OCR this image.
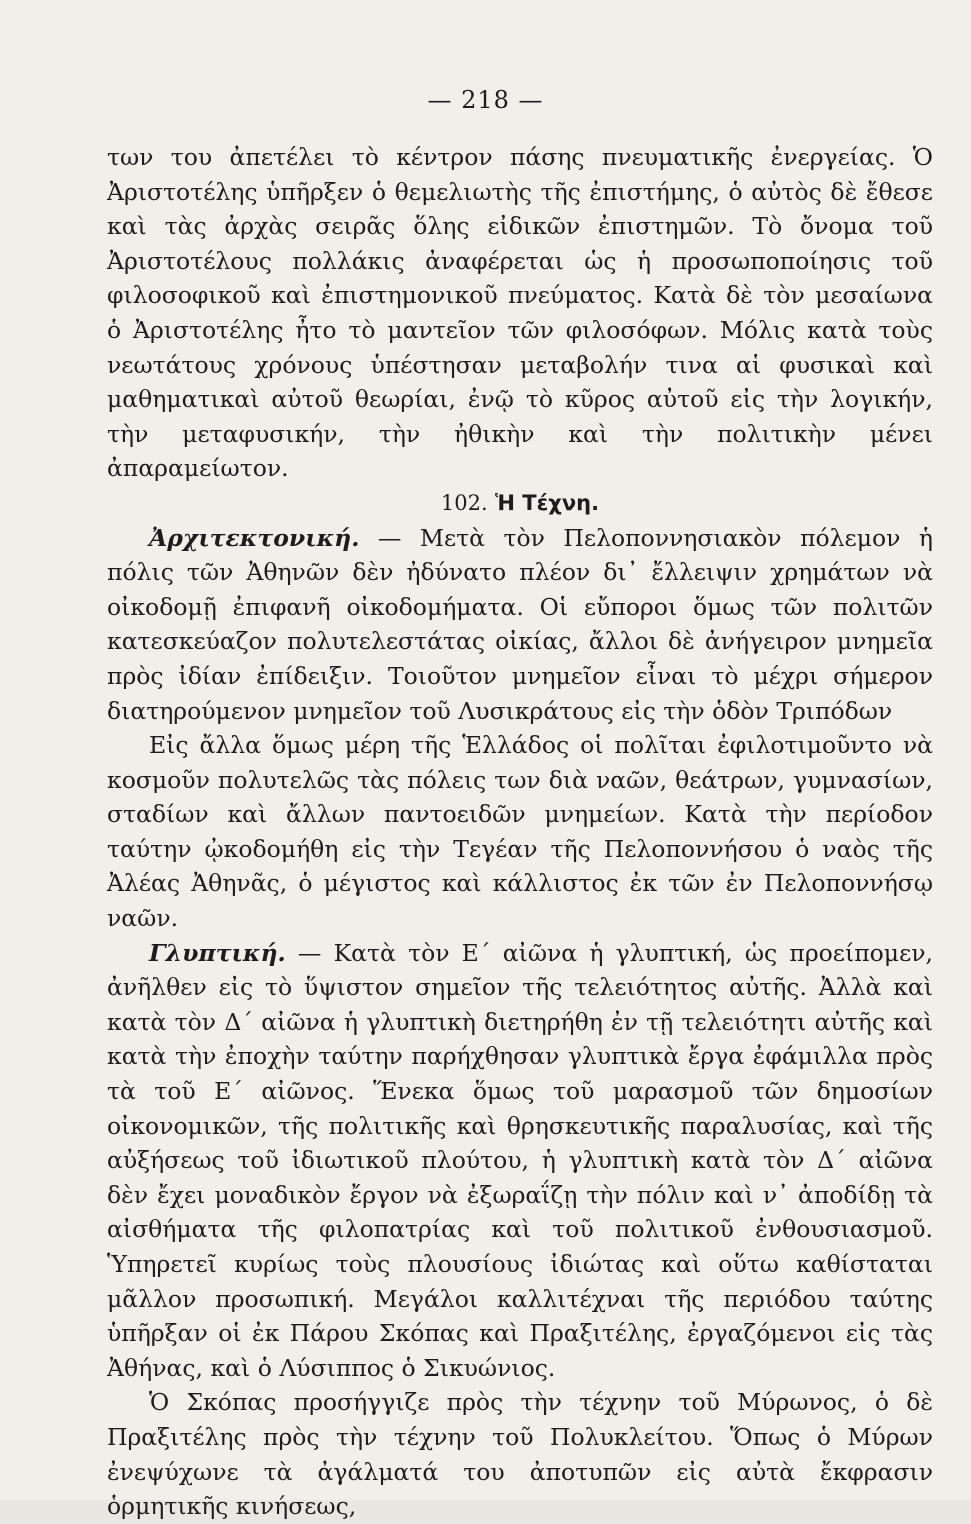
— 218 —

των του ἀπετέλει τὸ κέντρον πάσης πνευματικῆς ἐνεργείας. Ὁ Ἀριστοτέλης ὑπῆρξεν ὁ θεμελιωτὴς τῆς ἐπιστήμης, ὁ αὐτὸς δὲ ἔθεσε καὶ τὰς ἀρχὰς σειρᾶς ὅλης εἰδικῶν ἐπιστημῶν. Τὸ ὄνομα τοῦ Ἀριστοτέλους πολλάκις ἀναφέρεται ὡς ἡ προσωποποίησις τοῦ φιλοσοφικοῦ καὶ ἐπιστημονικοῦ πνεύματος. Κατὰ δὲ τὸν μεσαίωνα ὁ Ἀριστοτέλης ἦτο τὸ μαντεῖον τῶν φιλοσόφων. Μόλις κατὰ τοὺς νεωτάτους χρόνους ὑπέστησαν μεταβολήν τινα αἱ φυσικαὶ καὶ μαθηματικαὶ αὐτοῦ θεωρίαι, ἐνῷ τὸ κῦρος αὐτοῦ εἰς τὴν λογικήν, τὴν μεταφυσικήν, τὴν ἠθικὴν καὶ τὴν πολιτικὴν μένει ἀπαραμείωτον.

102. Ἡ Τέχνη.

Ἀρχιτεκτονική. — Μετὰ τὸν Πελοποννησιακὸν πόλεμον ἡ πόλις τῶν Ἀθηνῶν δὲν ἠδύνατο πλέον δι᾿ ἔλλειψιν χρημάτων νὰ οἰκοδομῇ ἐπιφανῆ οἰκοδομήματα. Οἱ εὔποροι ὅμως τῶν πολιτῶν κατεσκεύαζον πολυτελεστάτας οἰκίας, ἄλλοι δὲ ἀνήγειρον μνημεῖα πρὸς ἰδίαν ἐπίδειξιν. Τοιοῦτον μνημεῖον εἶναι τὸ μέχρι σήμερον διατηρούμενον μνημεῖον τοῦ Λυσικράτους εἰς τὴν ὁδὸν Τριπόδων

Εἰς ἄλλα ὅμως μέρη τῆς Ἑλλάδος οἱ πολῖται ἐφιλοτιμοῦντο νὰ κοσμοῦν πολυτελῶς τὰς πόλεις των διὰ ναῶν, θεάτρων, γυμνασίων, σταδίων καὶ ἄλλων παντοειδῶν μνημείων. Κατὰ τὴν περίοδον ταύτην ᾠκοδομήθη εἰς τὴν Τεγέαν τῆς Πελοποννήσου ὁ ναὸς τῆς Ἀλέας Ἀθηνᾶς, ὁ μέγιστος καὶ κάλλιστος ἐκ τῶν ἐν Πελοποννήσῳ ναῶν.

Γλυπτική. — Κατὰ τὸν Ε΄ αἰῶνα ἡ γλυπτική, ὡς προείπομεν, ἀνῆλθεν εἰς τὸ ὕψιστον σημεῖον τῆς τελειότητος αὐτῆς. Ἀλλὰ καὶ κατὰ τὸν Δ΄ αἰῶνα ἡ γλυπτικὴ διετηρήθη ἐν τῇ τελειότητι αὐτῆς καὶ κατὰ τὴν ἐποχὴν ταύτην παρήχθησαν γλυπτικὰ ἔργα ἐφάμιλλα πρὸς τὰ τοῦ Ε΄ αἰῶνος. Ἕνεκα ὅμως τοῦ μαρασμοῦ τῶν δημοσίων οἰκονομικῶν, τῆς πολιτικῆς καὶ θρησκευτικῆς παραλυσίας, καὶ τῆς αὐξήσεως τοῦ ἰδιωτικοῦ πλούτου, ἡ γλυπτικὴ κατὰ τὸν Δ΄ αἰῶνα δὲν ἔχει μοναδικὸν ἔργον νὰ ἐξωραΐζῃ τὴν πόλιν καὶ ν᾿ ἀποδίδῃ τὰ αἰσθήματα τῆς φιλοπατρίας καὶ τοῦ πολιτικοῦ ἐνθουσιασμοῦ. Ὑπηρετεῖ κυρίως τοὺς πλουσίους ἰδιώτας καὶ οὕτω καθίσταται μᾶλλον προσωπική. Μεγάλοι καλλιτέχναι τῆς περιόδου ταύτης ὑπῆρξαν οἱ ἐκ Πάρου Σκόπας καὶ Πραξιτέλης, ἐργαζόμενοι εἰς τὰς Ἀθήνας, καὶ ὁ Λύσιππος ὁ Σικυώνιος.

Ὁ Σκόπας προσήγγιζε πρὸς τὴν τέχνην τοῦ Μύρωνος, ὁ δὲ Πραξιτέλης πρὸς τὴν τέχνην τοῦ Πολυκλείτου. Ὅπως ὁ Μύρων ἐνεψύχωνε τὰ ἀγάλματά του ἀποτυπῶν εἰς αὐτὰ ἔκφρασιν ὁρμητικῆς κινήσεως,
